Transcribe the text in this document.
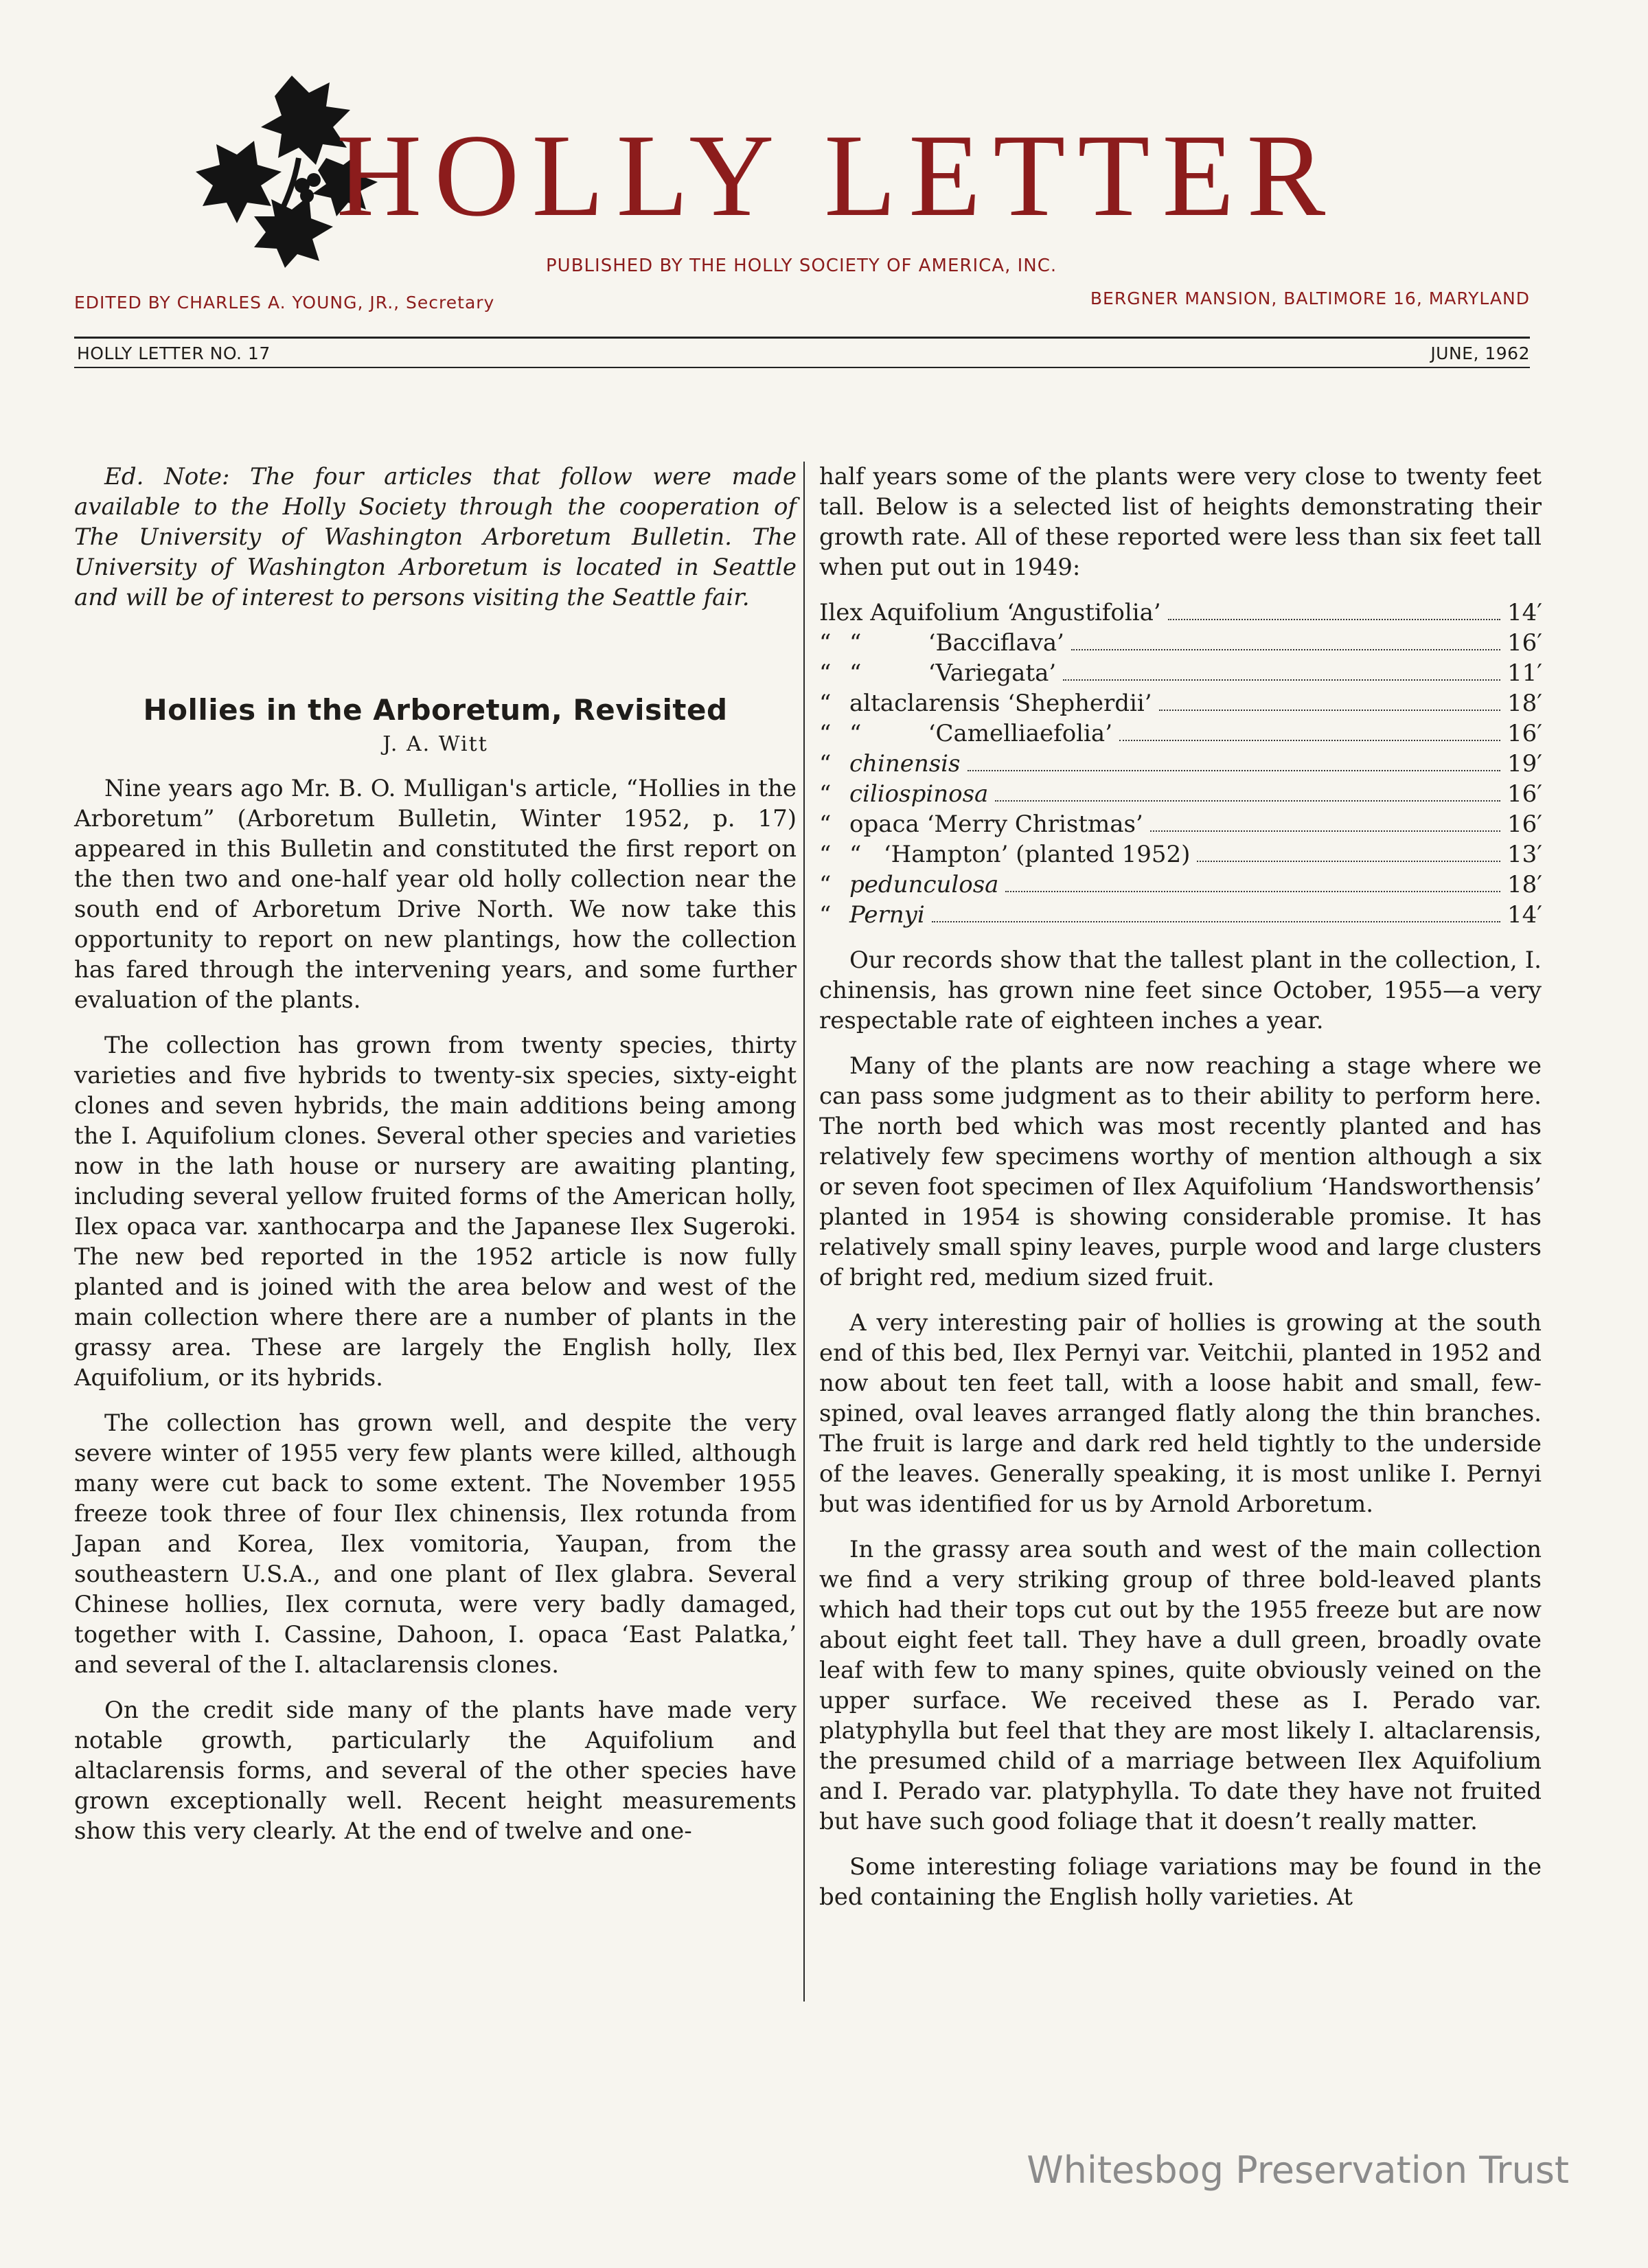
HOLLY LETTER
PUBLISHED BY THE HOLLY SOCIETY OF AMERICA, INC.
EDITED BY CHARLES A. YOUNG, JR., Secretary	BERGNER MANSION, BALTIMORE 16, MARYLAND
HOLLY LETTER NO. 17	JUNE, 1962

Ed. Note: The four articles that follow were made available to the Holly Society through the cooperation of The University of Washington Arboretum Bulletin. The University of Washington Arboretum is located in Seattle and will be of interest to persons visiting the Seattle fair.

Hollies in the Arboretum, Revisited
J. A. Witt

Nine years ago Mr. B. O. Mulligan's article, “Hollies in the Arboretum” (Arboretum Bulletin, Winter 1952, p. 17) appeared in this Bulletin and constituted the first report on the then two and one-half year old holly collection near the south end of Arboretum Drive North. We now take this opportunity to report on new plantings, how the collection has fared through the intervening years, and some further evaluation of the plants.

The collection has grown from twenty species, thirty varieties and five hybrids to twenty-six species, sixty-eight clones and seven hybrids, the main additions being among the I. Aquifolium clones. Several other species and varieties now in the lath house or nursery are awaiting planting, including several yellow fruited forms of the American holly, Ilex opaca var. xanthocarpa and the Japanese Ilex Sugeroki. The new bed reported in the 1952 article is now fully planted and is joined with the area below and west of the main collection where there are a number of plants in the grassy area. These are largely the English holly, Ilex Aquifolium, or its hybrids.

The collection has grown well, and despite the very severe winter of 1955 very few plants were killed, although many were cut back to some extent. The November 1955 freeze took three of four Ilex chinensis, Ilex rotunda from Japan and Korea, Ilex vomitoria, Yaupan, from the southeastern U.S.A., and one plant of Ilex glabra. Several Chinese hollies, Ilex cornuta, were very badly damaged, together with I. Cassine, Dahoon, I. opaca ‘East Palatka,’ and several of the I. altaclarensis clones.

On the credit side many of the plants have made very notable growth, particularly the Aquifolium and altaclarensis forms, and several of the other species have grown exceptionally well. Recent height measurements show this very clearly. At the end of twelve and one-

half years some of the plants were very close to twenty feet tall. Below is a selected list of heights demonstrating their growth rate. All of these reported were less than six feet tall when put out in 1949:

Ilex Aquifolium ‘Angustifolia’	14′
“ “         ‘Bacciflava’	16′
“ “         ‘Variegata’	11′
“ altaclarensis ‘Shepherdii’	18′
“ “         ‘Camelliaefolia’	16′
“ chinensis	19′
“ ciliospinosa	16′
“ opaca ‘Merry Christmas’	16′
“ “   ‘Hampton’ (planted 1952)	13′
“ pedunculosa	18′
“ Pernyi	14′

Our records show that the tallest plant in the collection, I. chinensis, has grown nine feet since October, 1955—a very respectable rate of eighteen inches a year.

Many of the plants are now reaching a stage where we can pass some judgment as to their ability to perform here. The north bed which was most recently planted and has relatively few specimens worthy of mention although a six or seven foot specimen of Ilex Aquifolium ‘Handsworthensis’ planted in 1954 is showing considerable promise. It has relatively small spiny leaves, purple wood and large clusters of bright red, medium sized fruit.

A very interesting pair of hollies is growing at the south end of this bed, Ilex Pernyi var. Veitchii, planted in 1952 and now about ten feet tall, with a loose habit and small, few-spined, oval leaves arranged flatly along the thin branches. The fruit is large and dark red held tightly to the underside of the leaves. Generally speaking, it is most unlike I. Pernyi but was identified for us by Arnold Arboretum.

In the grassy area south and west of the main collection we find a very striking group of three bold-leaved plants which had their tops cut out by the 1955 freeze but are now about eight feet tall. They have a dull green, broadly ovate leaf with few to many spines, quite obviously veined on the upper surface. We received these as I. Perado var. platyphylla but feel that they are most likely I. altaclarensis, the presumed child of a marriage between Ilex Aquifolium and I. Perado var. platyphylla. To date they have not fruited but have such good foliage that it doesn’t really matter.

Some interesting foliage variations may be found in the bed containing the English holly varieties. At

Whitesbog Preservation Trust
